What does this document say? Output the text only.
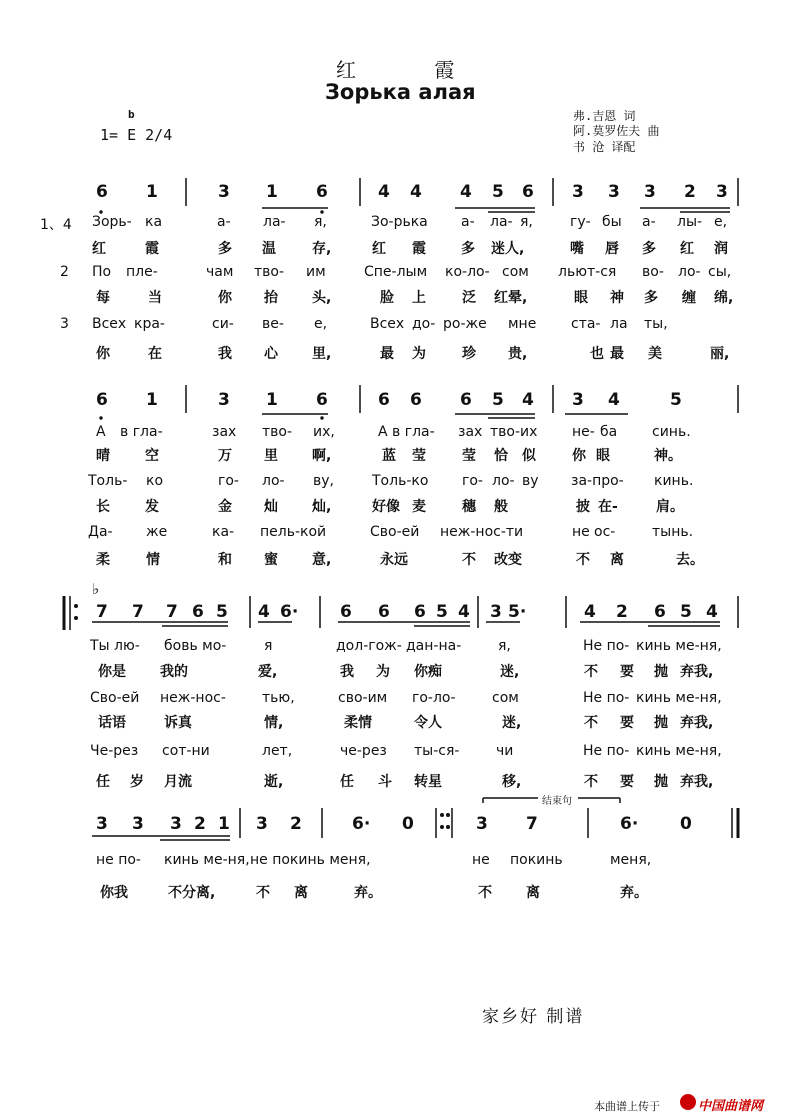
红 霞
Зорька алая
b
1= E 2/4
弗.吉恩 词
阿.莫罗佐夫 曲
书 沧 译配
6 1	3 1 6	4 4 4 5 6 3 3 3 2 3
1、4 Зорь- ка	а- ла- я,	Зо-рька а- ла- я,	гу- бы а- лы- е,
红	霞	多 温	存,	红 霞	多 迷人,	嘴 唇 多 红 润
2 По пле-	чам тво- им	Спе-лым ко-ло- сом льют-ся во- ло- сы,
每	当	你 抬 头,	脸 上	泛 红晕,	眼 神 多 缠 绵,
3 Всех кра-	си- ве- е,	Всех до- ро-же мне ста- ла ты,
你	在	我 心 里,	最 为	珍 贵,	也 最 美	丽,
6 1	3 1 6	6 6 6 5 4 3 4	5
А в гла-	зах тво- их,	А в гла- зах тво-их не- ба синь.
晴	空	万 里 啊,	蓝 莹	莹 恰 似	你 眼	神。
Толь- ко	го- ло- ву,	Толь-ко го- ло- ву за-про- кинь.
长	发	金 灿 灿,	好像 麦	穗 般	披 在-	肩。
Да- же	ка- пель-кой	Сво-ей неж-нос-ти	не ос-	тынь.
柔	情	和 蜜 意,	永远	不 改变	不 离	去。
♭
7 7 7 6 5 4 6· 6 6 6 5 4 3 5·	4 2 6 5 4
Ты лю- бовь мо-	я	дол-гож- дан-на-	я,	Не по- кинь ме-ня,
你是 我的	爱,	我 为 你痴	迷,	不 要 抛 弃我,
Сво-ей неж-нос-	тью,	сво-им го-ло-	сом	Не по- кинь ме-ня,
话语	诉真	情,	柔情	令人	迷,	不 要 抛 弃我,
Че-рез сот-ни	лет,	че-рез ты-ся-	чи	Не по- кинь ме-ня,
任 岁 月流	逝,	任 斗 转星	移,	不 要 抛 弃我,
结束句
3 3 3 2 1 3 2	6· 0	3 7	6· 0
не по- кинь ме-ня, не покинь меня,	не покинь	меня,
你我	不分离,	不 离	弃。	不 离	弃。
家乡好 制谱
本曲谱上传于	中国曲谱网
